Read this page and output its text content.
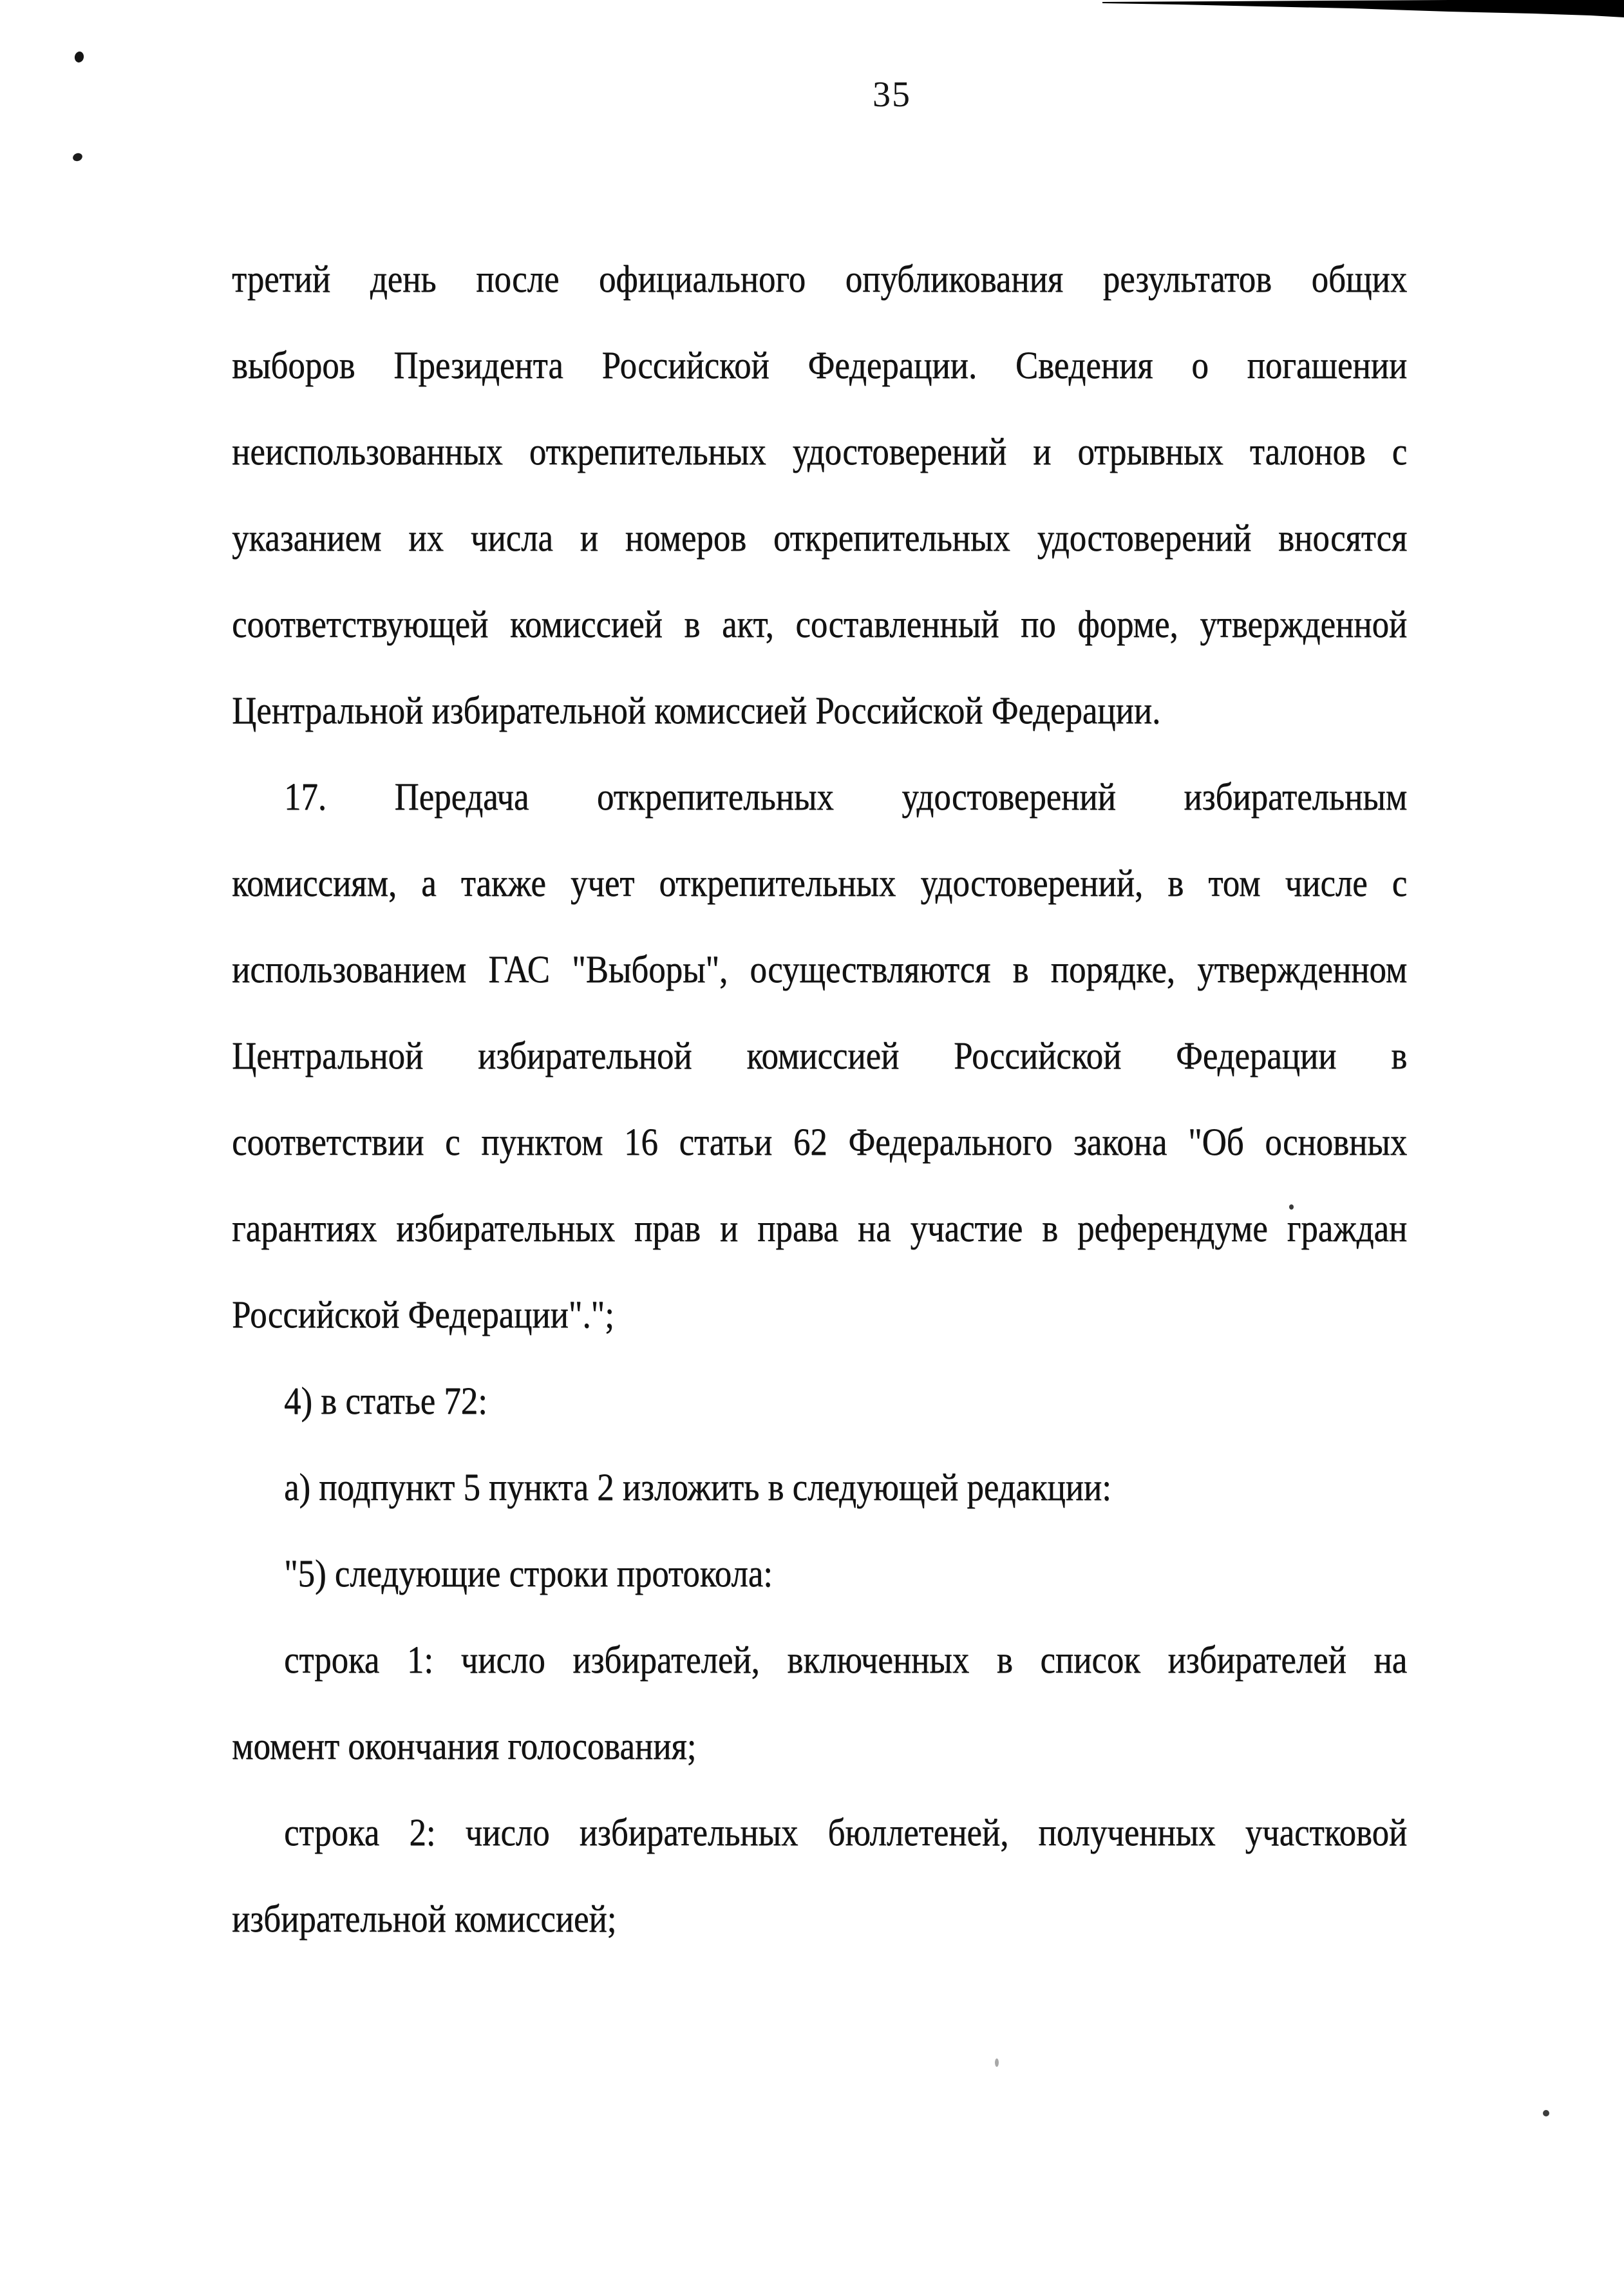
35
третий день после официального опубликования результатов общих
выборов Президента Российской Федерации. Сведения о погашении
неиспользованных открепительных удостоверений и отрывных талонов с
указанием их числа и номеров открепительных удостоверений вносятся
соответствующей комиссией в акт, составленный по форме, утвержденной
Центральной избирательной комиссией Российской Федерации.
17. Передача открепительных удостоверений избирательным
комиссиям, а также учет открепительных удостоверений, в том числе с
использованием ГАС "Выборы", осуществляются в порядке, утвержденном
Центральной избирательной комиссией Российской Федерации в
соответствии с пунктом 16 статьи 62 Федерального закона "Об основных
гарантиях избирательных прав и права на участие в референдуме граждан
Российской Федерации".";
4) в статье 72:
а) подпункт 5 пункта 2 изложить в следующей редакции:
"5) следующие строки протокола:
строка 1: число избирателей, включенных в список избирателей на
момент окончания голосования;
строка 2: число избирательных бюллетеней, полученных участковой
избирательной комиссией;
